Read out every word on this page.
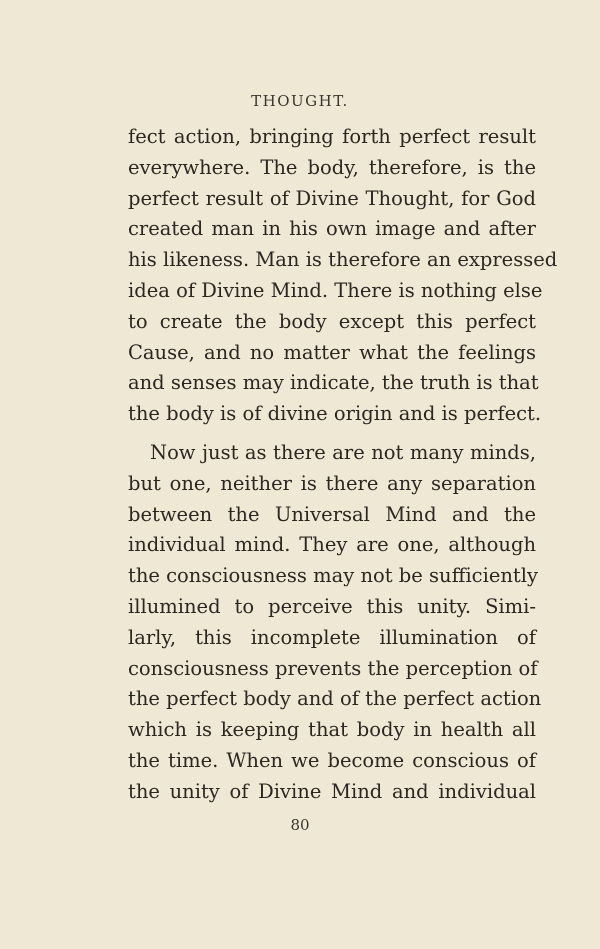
THOUGHT.
fect action, bringing forth perfect result
everywhere. The body, therefore, is the
perfect result of Divine Thought, for God
created man in his own image and after
his likeness. Man is therefore an expressed
idea of Divine Mind. There is nothing else
to create the body except this perfect
Cause, and no matter what the feelings
and senses may indicate, the truth is that
the body is of divine origin and is perfect.
Now just as there are not many minds,
but one, neither is there any separation
between the Universal Mind and the
individual mind. They are one, although
the consciousness may not be sufficiently
illumined to perceive this unity. Simi-
larly, this incomplete illumination of
consciousness prevents the perception of
the perfect body and of the perfect action
which is keeping that body in health all
the time. When we become conscious of
the unity of Divine Mind and individual
80
